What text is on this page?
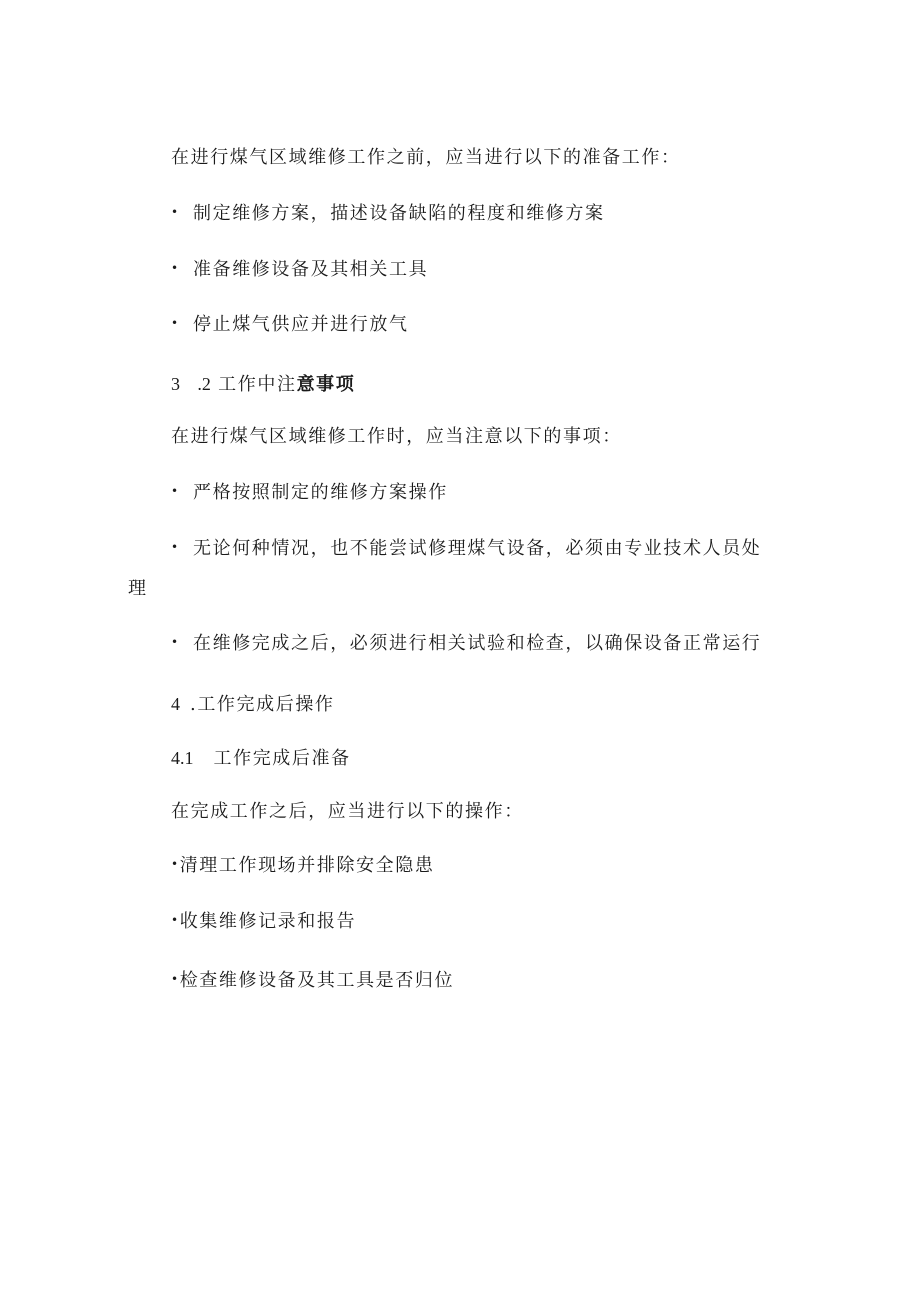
在进行煤气区域维修工作之前，应当进行以下的准备工作：
• 制定维修方案，描述设备缺陷的程度和维修方案
• 准备维修设备及其相关工具
• 停止煤气供应并进行放气
3 .2 工作中注意事项
在进行煤气区域维修工作时，应当注意以下的事项：
• 严格按照制定的维修方案操作
• 无论何种情况，也不能尝试修理煤气设备，必须由专业技术人员处
理
• 在维修完成之后，必须进行相关试验和检查，以确保设备正常运行
4 .工作完成后操作
4.1 工作完成后准备
在完成工作之后，应当进行以下的操作：
•清理工作现场并排除安全隐患
•收集维修记录和报告
•检查维修设备及其工具是否归位
